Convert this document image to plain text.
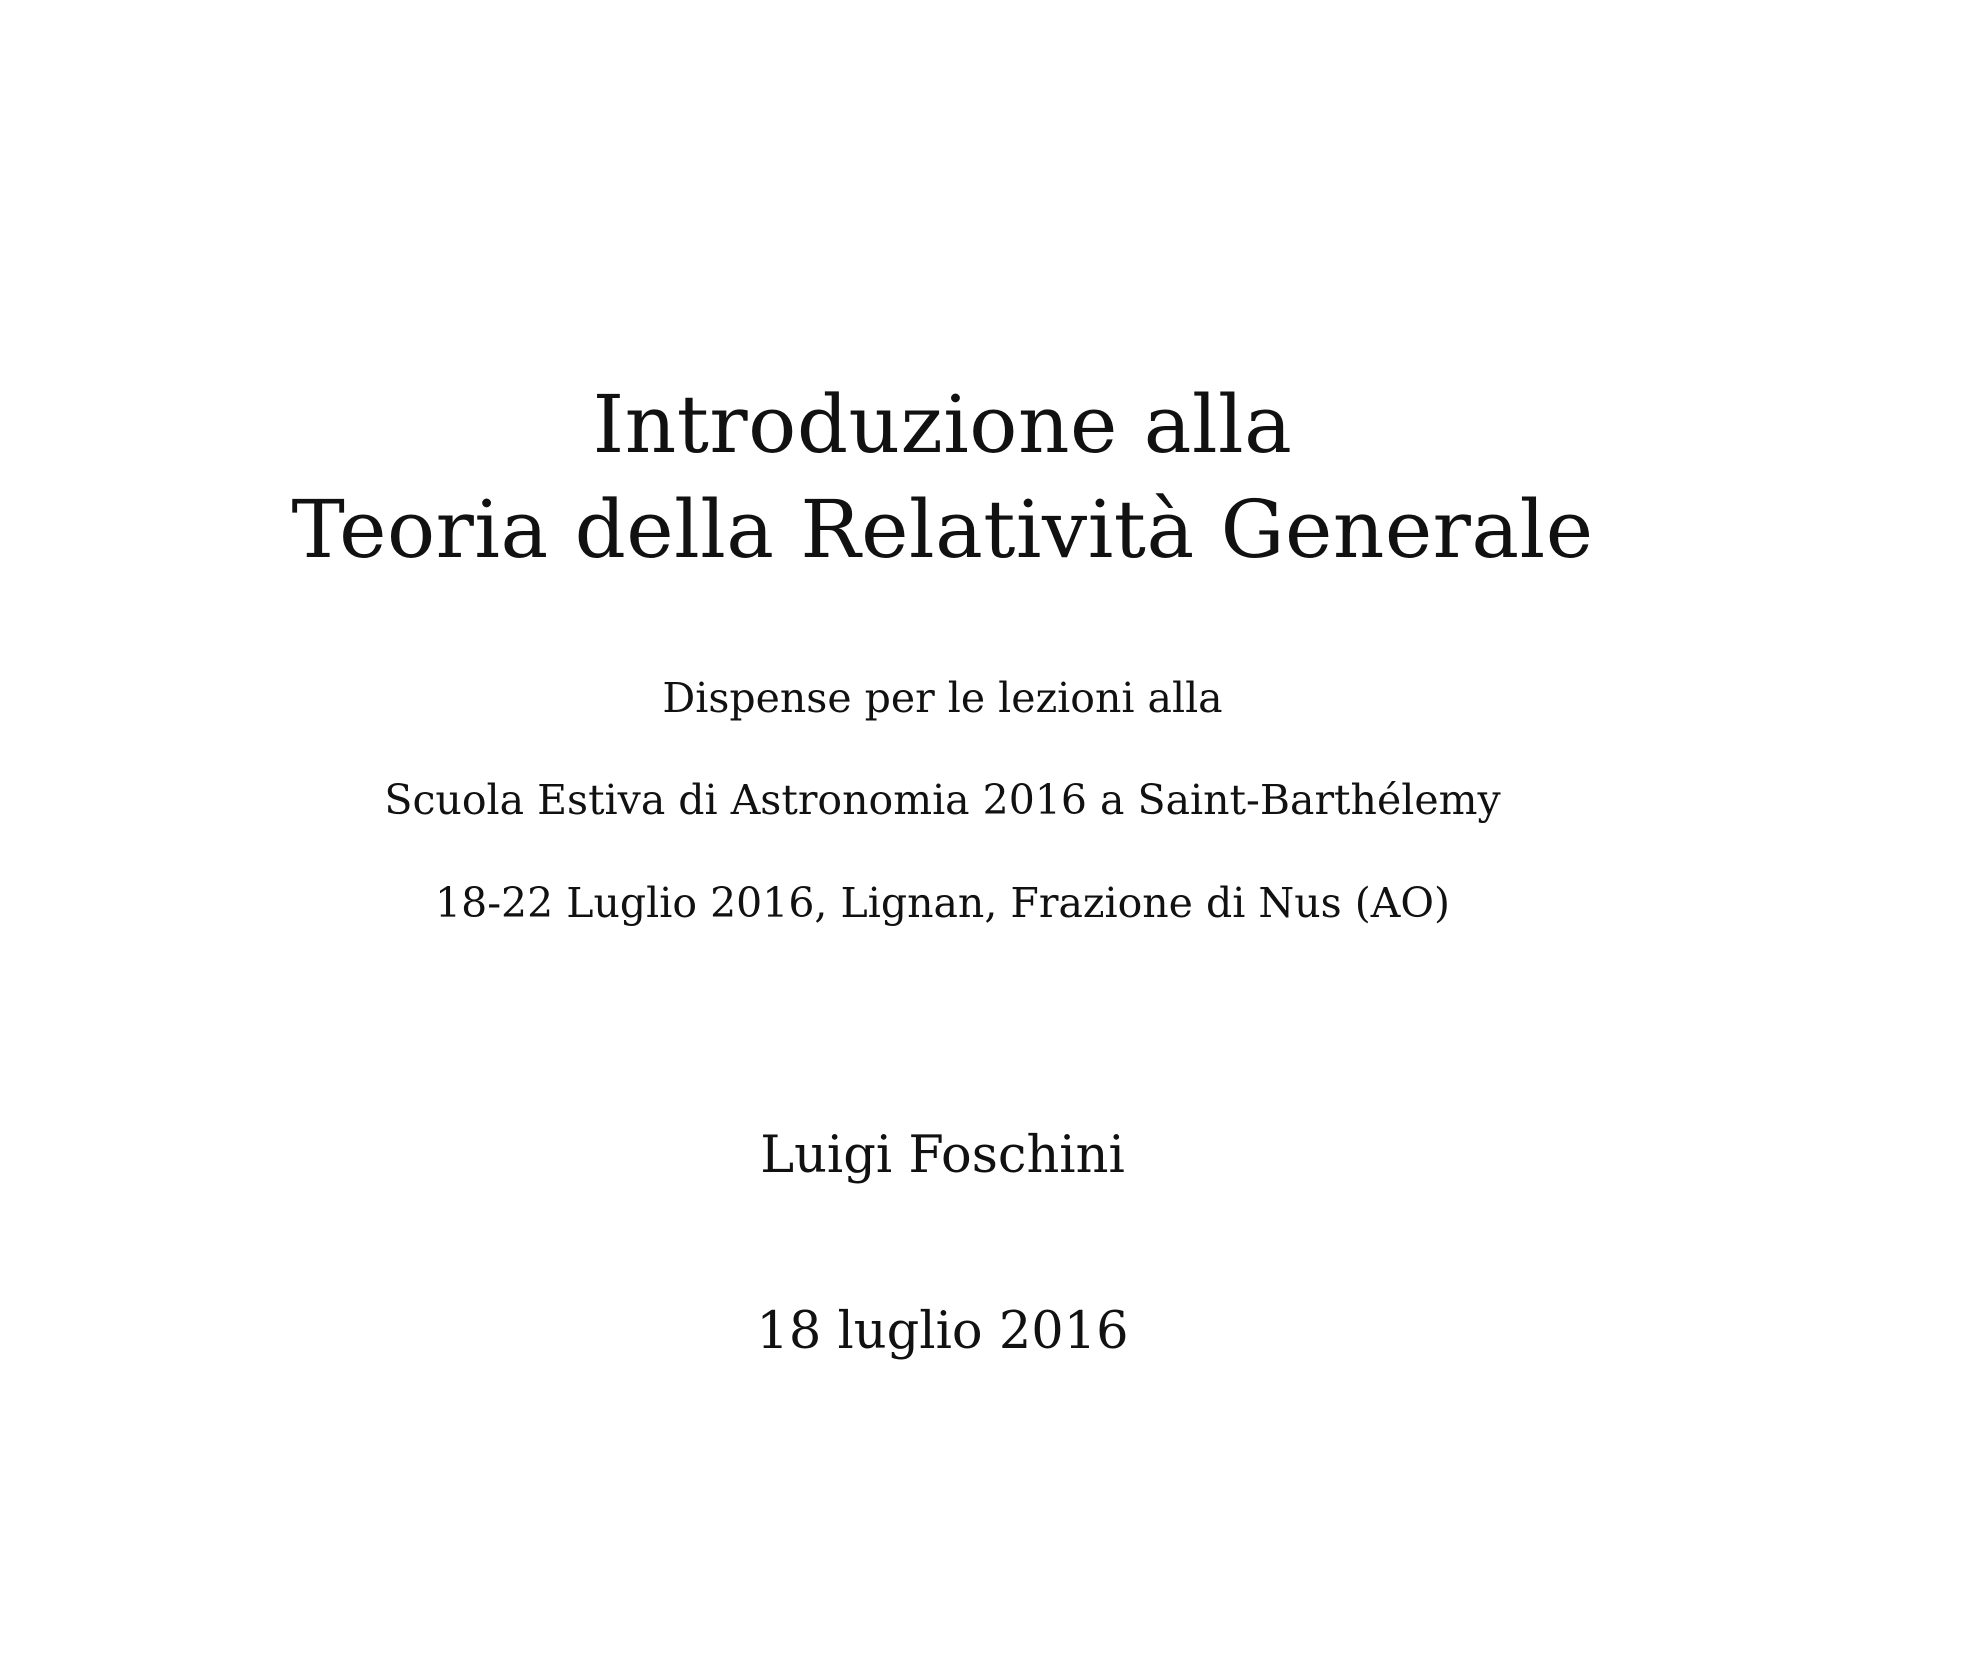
Introduzione alla
Teoria della Relatività Generale
Dispense per le lezioni alla
Scuola Estiva di Astronomia 2016 a Saint-Barthélemy
18-22 Luglio 2016, Lignan, Frazione di Nus (AO)
Luigi Foschini
18 luglio 2016
